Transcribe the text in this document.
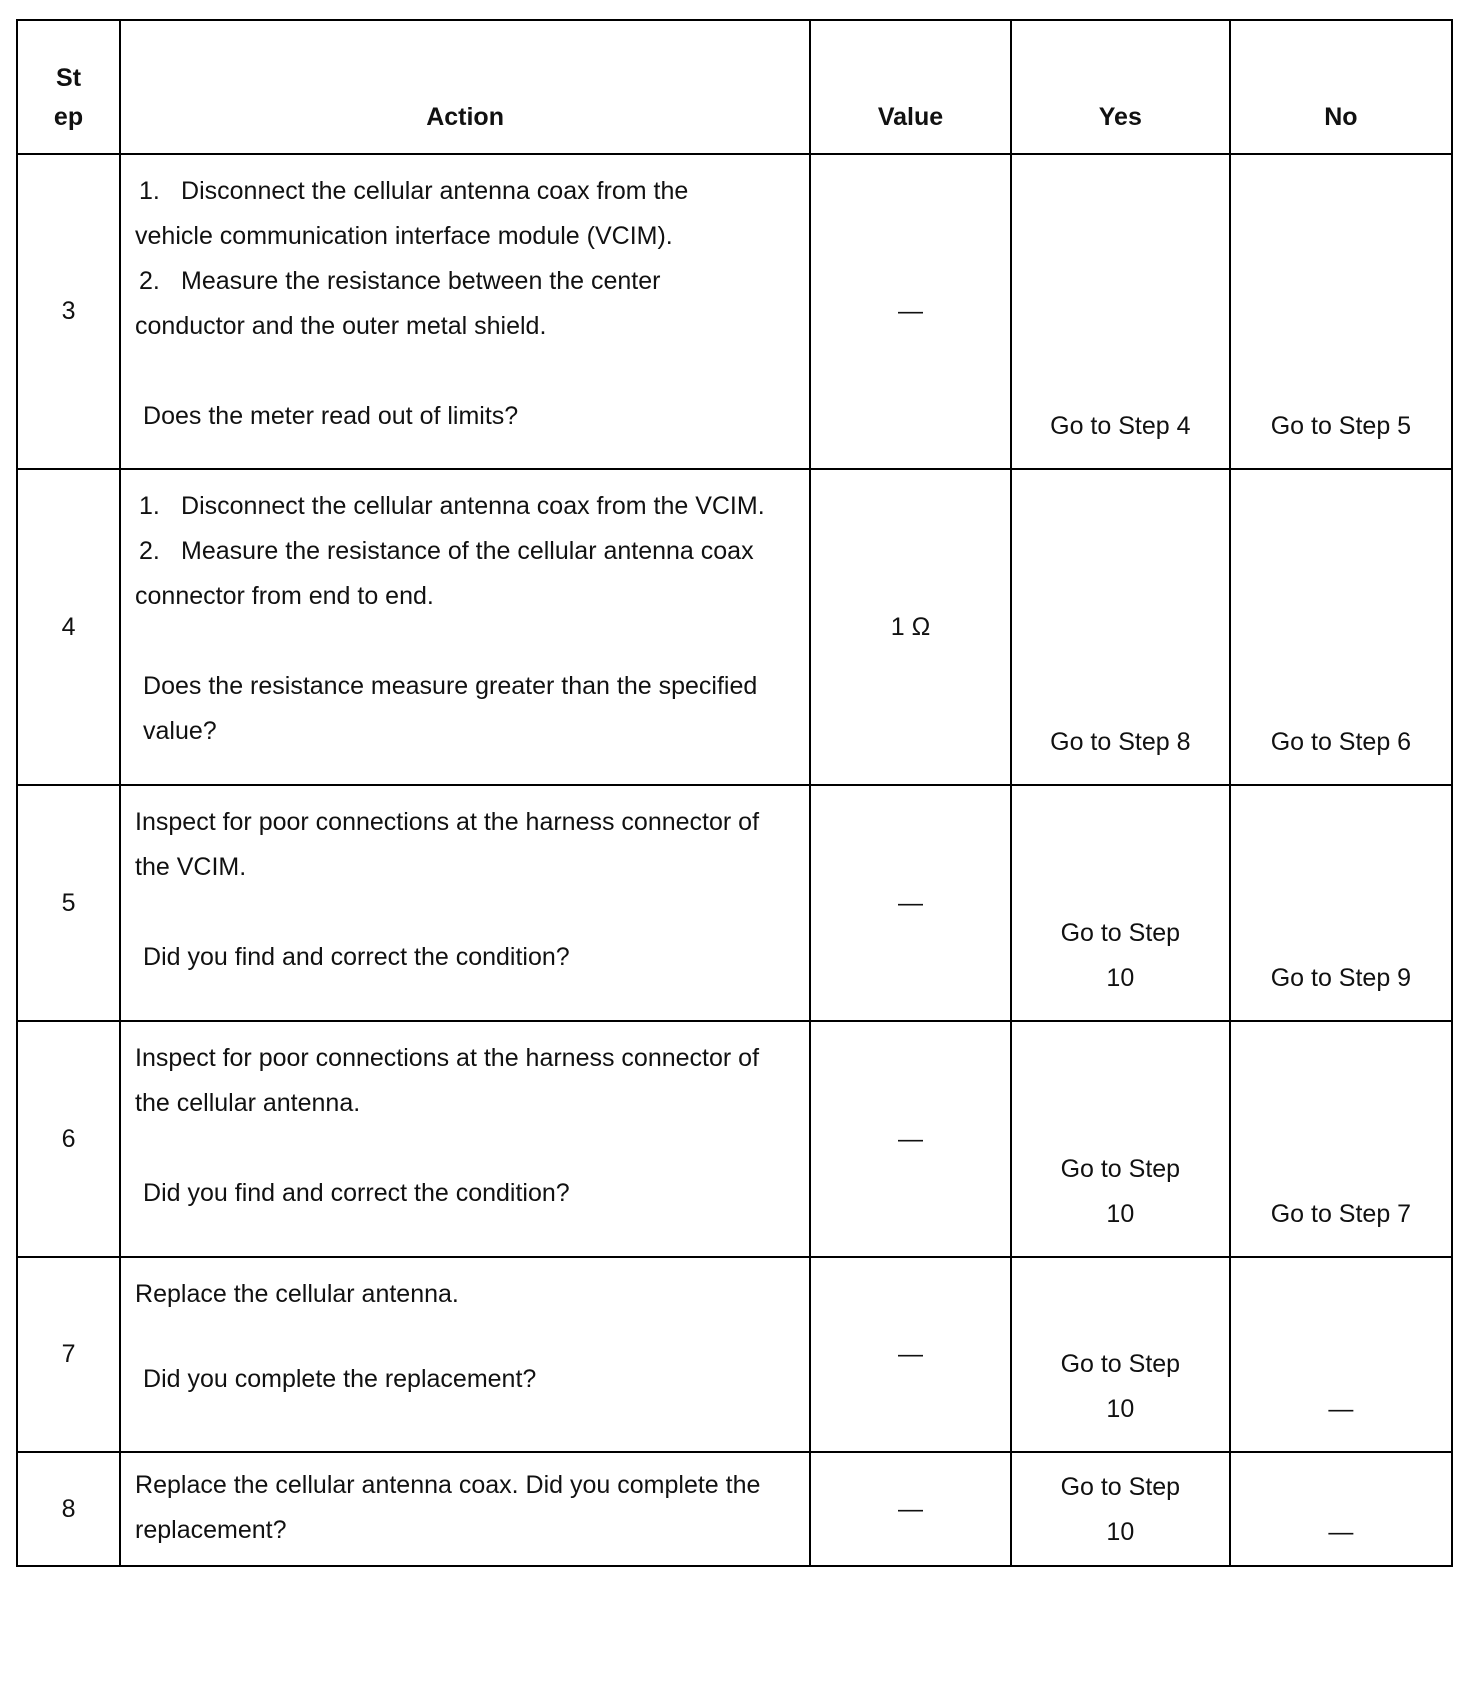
St ep	Action	Value	Yes	No
3	1. Disconnect the cellular antenna coax from the vehicle communication interface module (VCIM).

2. Measure the resistance between the center conductor and the outer metal shield.

Does the meter read out of limits?	—	Go to Step 4	Go to Step 5
4	1. Disconnect the cellular antenna coax from the VCIM.

2. Measure the resistance of the cellular antenna coax connector from end to end.

Does the resistance measure greater than the specified value?	1 Ω	Go to Step 8	Go to Step 6
5	Inspect for poor connections at the harness connector of the VCIM.

Did you find and correct the condition?	—	Go to Step 10	Go to Step 9
6	Inspect for poor connections at the harness connector of the cellular antenna.

Did you find and correct the condition?	—	Go to Step 10	Go to Step 7
7	Replace the cellular antenna.

Did you complete the replacement?	—	Go to Step 10	—
8	Replace the cellular antenna coax. Did you complete the replacement?	—	Go to Step 10	—
